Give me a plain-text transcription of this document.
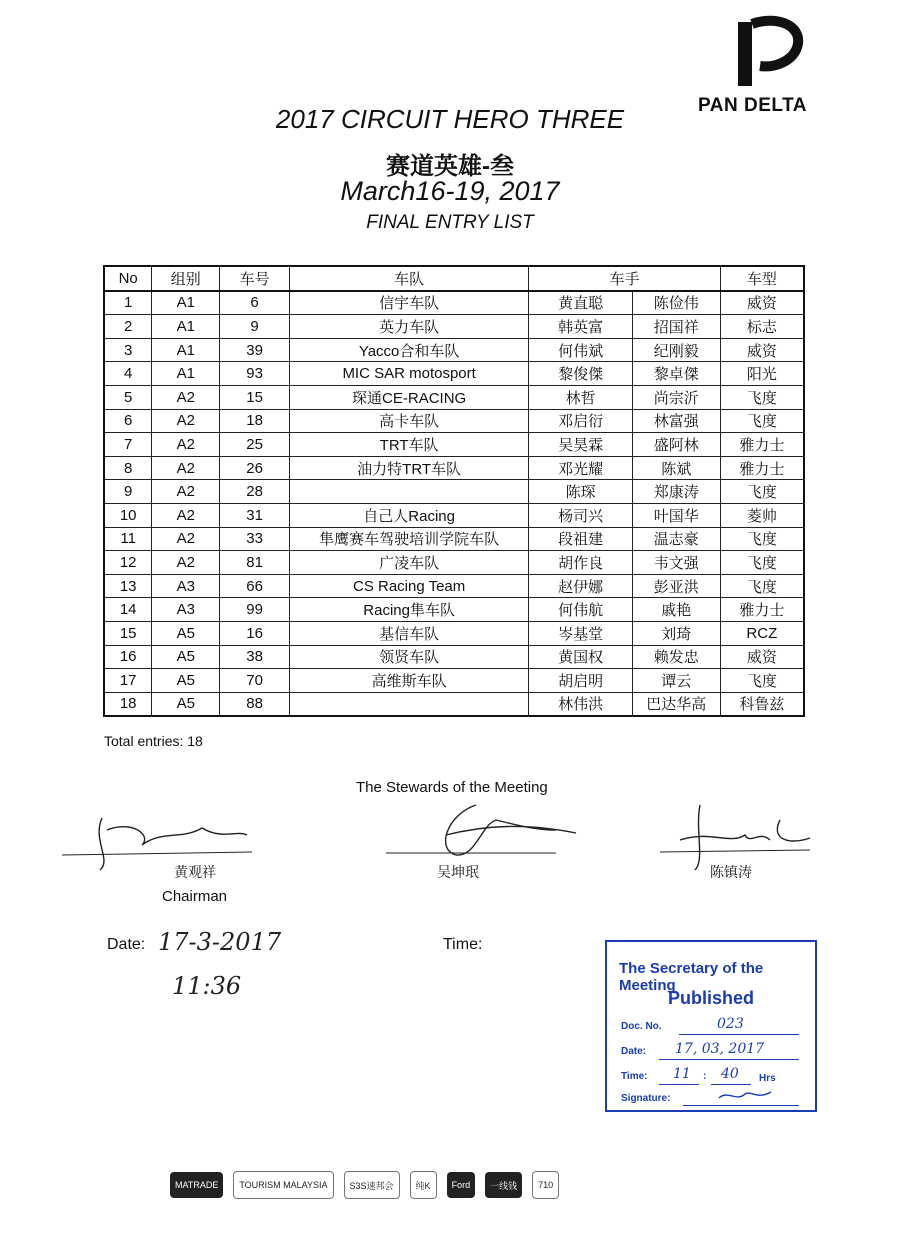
PAN DELTA
2017 CIRCUIT HERO THREE
赛道英雄-叁
March16-19, 2017
FINAL ENTRY LIST
No	组别	车号	车队	车手		车型
1	A1	6	信宇车队	黄直聪	陈俭伟	威资
2	A1	9	英力车队	韩英富	招国祥	标志
3	A1	39	Yacco合和车队	何伟斌	纪刚毅	威资
4	A1	93	MIC SAR motosport	黎俊傑	黎卓傑	阳光
5	A2	15	琛通CE-RACING	林哲	尚宗沂	飞度
6	A2	18	高卡车队	邓启衍	林富强	飞度
7	A2	25	TRT车队	吴昊霖	盛阿林	雅力士
8	A2	26	油力特TRT车队	邓光耀	陈斌	雅力士
9	A2	28		陈琛	郑康涛	飞度
10	A2	31	自己人Racing	杨司兴	叶国华	菱帅
11	A2	33	隼鹰赛车驾驶培训学院车队	段祖建	温志豪	飞度
12	A2	81	广凌车队	胡作良	韦文强	飞度
13	A3	66	CS Racing Team	赵伊娜	彭亚洪	飞度
14	A3	99	Racing隼车队	何伟航	戚艳	雅力士
15	A5	16	基信车队	岑基堂	刘琦	RCZ
16	A5	38	领贤车队	黄国权	赖发忠	威资
17	A5	70	高维斯车队	胡启明	谭云	飞度
18	A5	88		林伟洪	巴达华高	科鲁兹
Total entries: 18
The Stewards of the Meeting
黄观祥
Chairman
吴坤珉	陈镇涛
Date: 17-3-2017
11:36
Time:
The Secretary of the Meeting
Published
Doc. No.	023
Date: 17, 03, 2017
Time: 11 : 40 Hrs
Signature:
MATRADE	TOURISM MALAYSIA	S3S速邦会	纯K	Ford	一线钱	710
